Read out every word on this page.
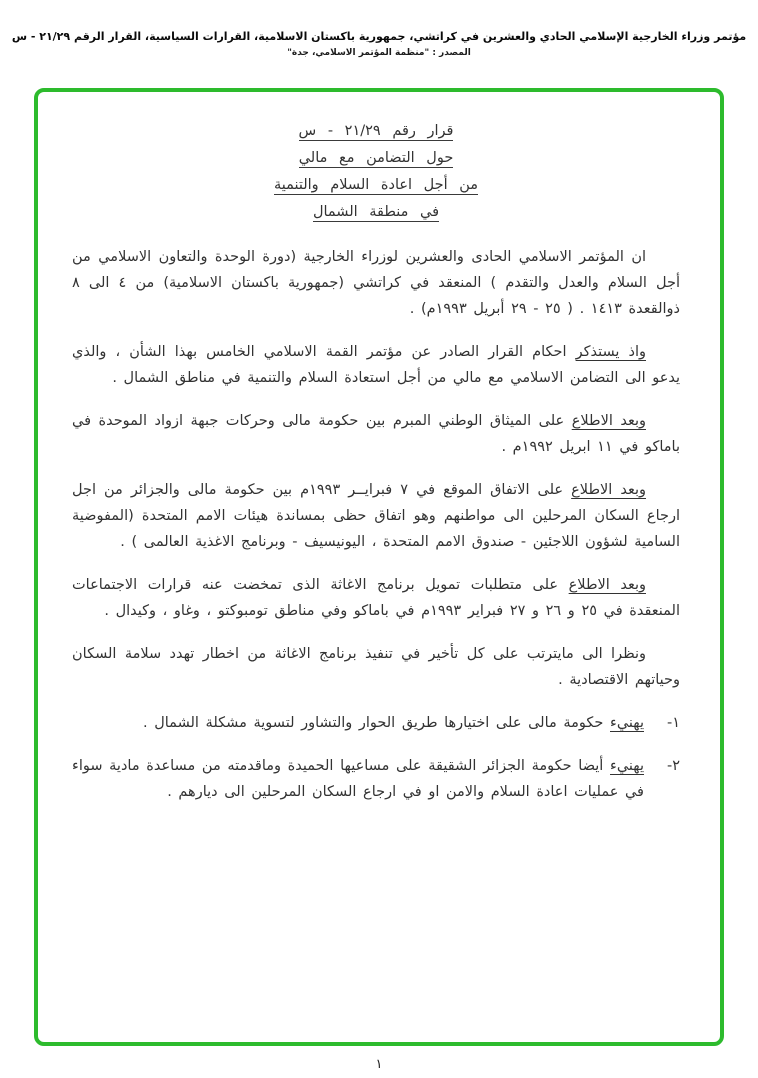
مؤتمر وزراء الخارجية الإسلامي الحادي والعشرين في كراتشي، جمهورية باكستان الاسلامية، القرارات السياسية، القرار الرقم ٢١/٢٩ - س
المصدر : "منظمة المؤتمر الاسلامي، جدة"
قرار رقم ٢١/٢٩ - س
حول التضامن مع مالي
من أجل اعادة السلام والتنمية
في منطقة الشمال

ان المؤتمر الاسلامي الحادى والعشرين لوزراء الخارجية (دورة الوحدة والتعاون الاسلامي من أجل السلام والعدل والتقدم ) المنعقد في كراتشي (جمهورية باكستان الاسلامية) من ٤ الى ٨ ذوالقعدة ١٤١٣ . ( ٢٥ - ٢٩ أبريل ١٩٩٣م) .

واذ يستذكر احكام القرار الصادر عن مؤتمر القمة الاسلامي الخامس بهذا الشأن ، والذي يدعو الى التضامن الاسلامي مع مالي من أجل استعادة السلام والتنمية في مناطق الشمال .

وبعد الاطلاع على الميثاق الوطني المبرم بين حكومة مالى وحركات جبهة ازواد الموحدة في باماكو في ١١ ابريل ١٩٩٢م .

وبعد الاطلاع على الاتفاق الموقع في ٧ فبرايــر ١٩٩٣م بين حكومة مالى والجزائر من اجل ارجاع السكان المرحلين الى مواطنهم وهو اتفاق حظى بمساندة هيئات الامم المتحدة (المفوضية السامية لشؤون اللاجئين - صندوق الامم المتحدة ، اليونيسيف - وبرنامج الاغذية العالمى ) .

وبعد الاطلاع على متطلبات تمويل برنامج الاغاثة الذى تمخضت عنه قرارات الاجتماعات المنعقدة في ٢٥ و ٢٦ و ٢٧ فبراير ١٩٩٣م في باماكو وفي مناطق تومبوكتو ، وغاو ، وكيدال .

ونظرا الى مايترتب على كل تأخير في تنفيذ برنامج الاغاثة من اخطار تهدد سلامة السكان وحياتهم الاقتصادية .

١-
يهنيء حكومة مالى على اختيارها طريق الحوار والتشاور لتسوية مشكلة الشمال .
٢-
يهنيء أيضا حكومة الجزائر الشقيقة على مساعيها الحميدة وماقدمته من مساعدة مادية سواء في عمليات اعادة السلام والامن او في ارجاع السكان المرحلين الى ديارهم .
١
